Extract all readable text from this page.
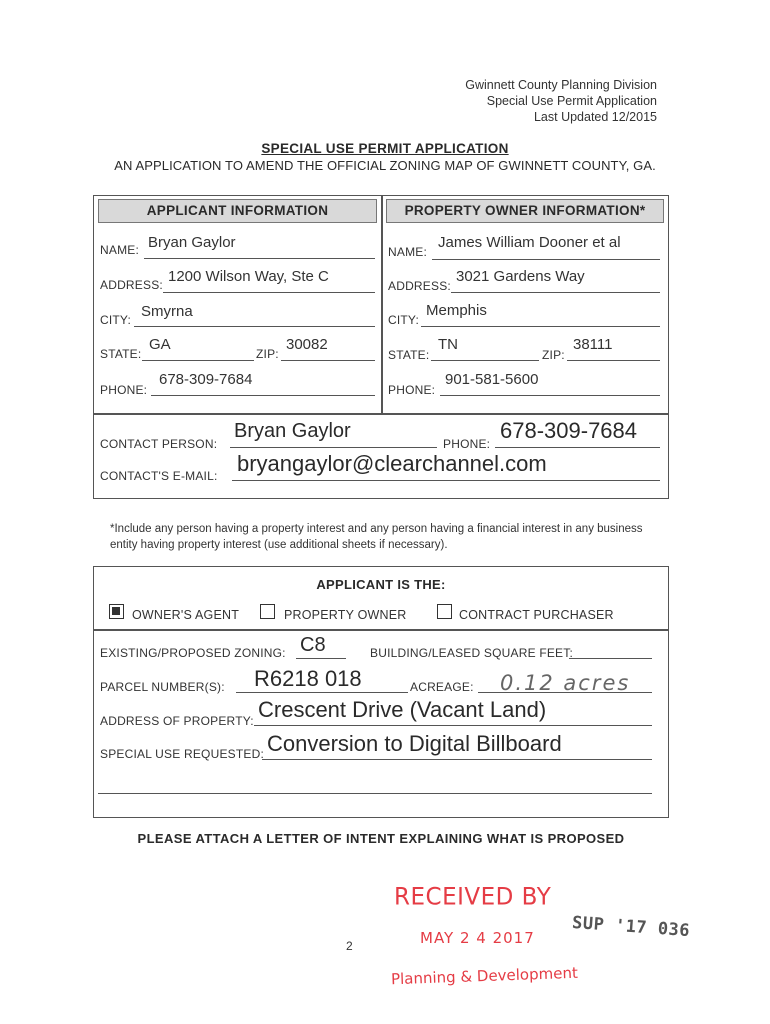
Gwinnett County Planning Division
Special Use Permit Application
Last Updated 12/2015
SPECIAL USE PERMIT APPLICATION
AN APPLICATION TO AMEND THE OFFICIAL ZONING MAP OF GWINNETT COUNTY, GA.
APPLICANT INFORMATION	PROPERTY OWNER INFORMATION*
NAME: Bryan Gaylor
ADDRESS: 1200 Wilson Way, Ste C
CITY: Smyrna
STATE:
GA
ZIP:
30082
PHONE:
678-309-7684
NAME:
James William Dooner et al
ADDRESS:
3021 Gardens Way
CITY:
Memphis
STATE:
TN
ZIP:
38111
PHONE:
901-581-5600
CONTACT PERSON:
Bryan Gaylor
PHONE:
678-309-7684
CONTACT'S E-MAIL: bryangaylor@clearchannel.com
*Include any person having a property interest and any person having a financial interest in any business entity having property interest (use additional sheets if necessary).
APPLICANT IS THE:
OWNER'S AGENT	PROPERTY OWNER	CONTRACT PURCHASER
EXISTING/PROPOSED ZONING: C8	BUILDING/LEASED SQUARE FEET:
PARCEL NUMBER(S): R6218 018	ACREAGE: 0.12 acres
ADDRESS OF PROPERTY: Crescent Drive (Vacant Land)
SPECIAL USE REQUESTED: Conversion to Digital Billboard
PLEASE ATTACH A LETTER OF INTENT EXPLAINING WHAT IS PROPOSED
RECEIVED BY
MAY 2 4 2017
Planning & Development
SUP '17 036
2
